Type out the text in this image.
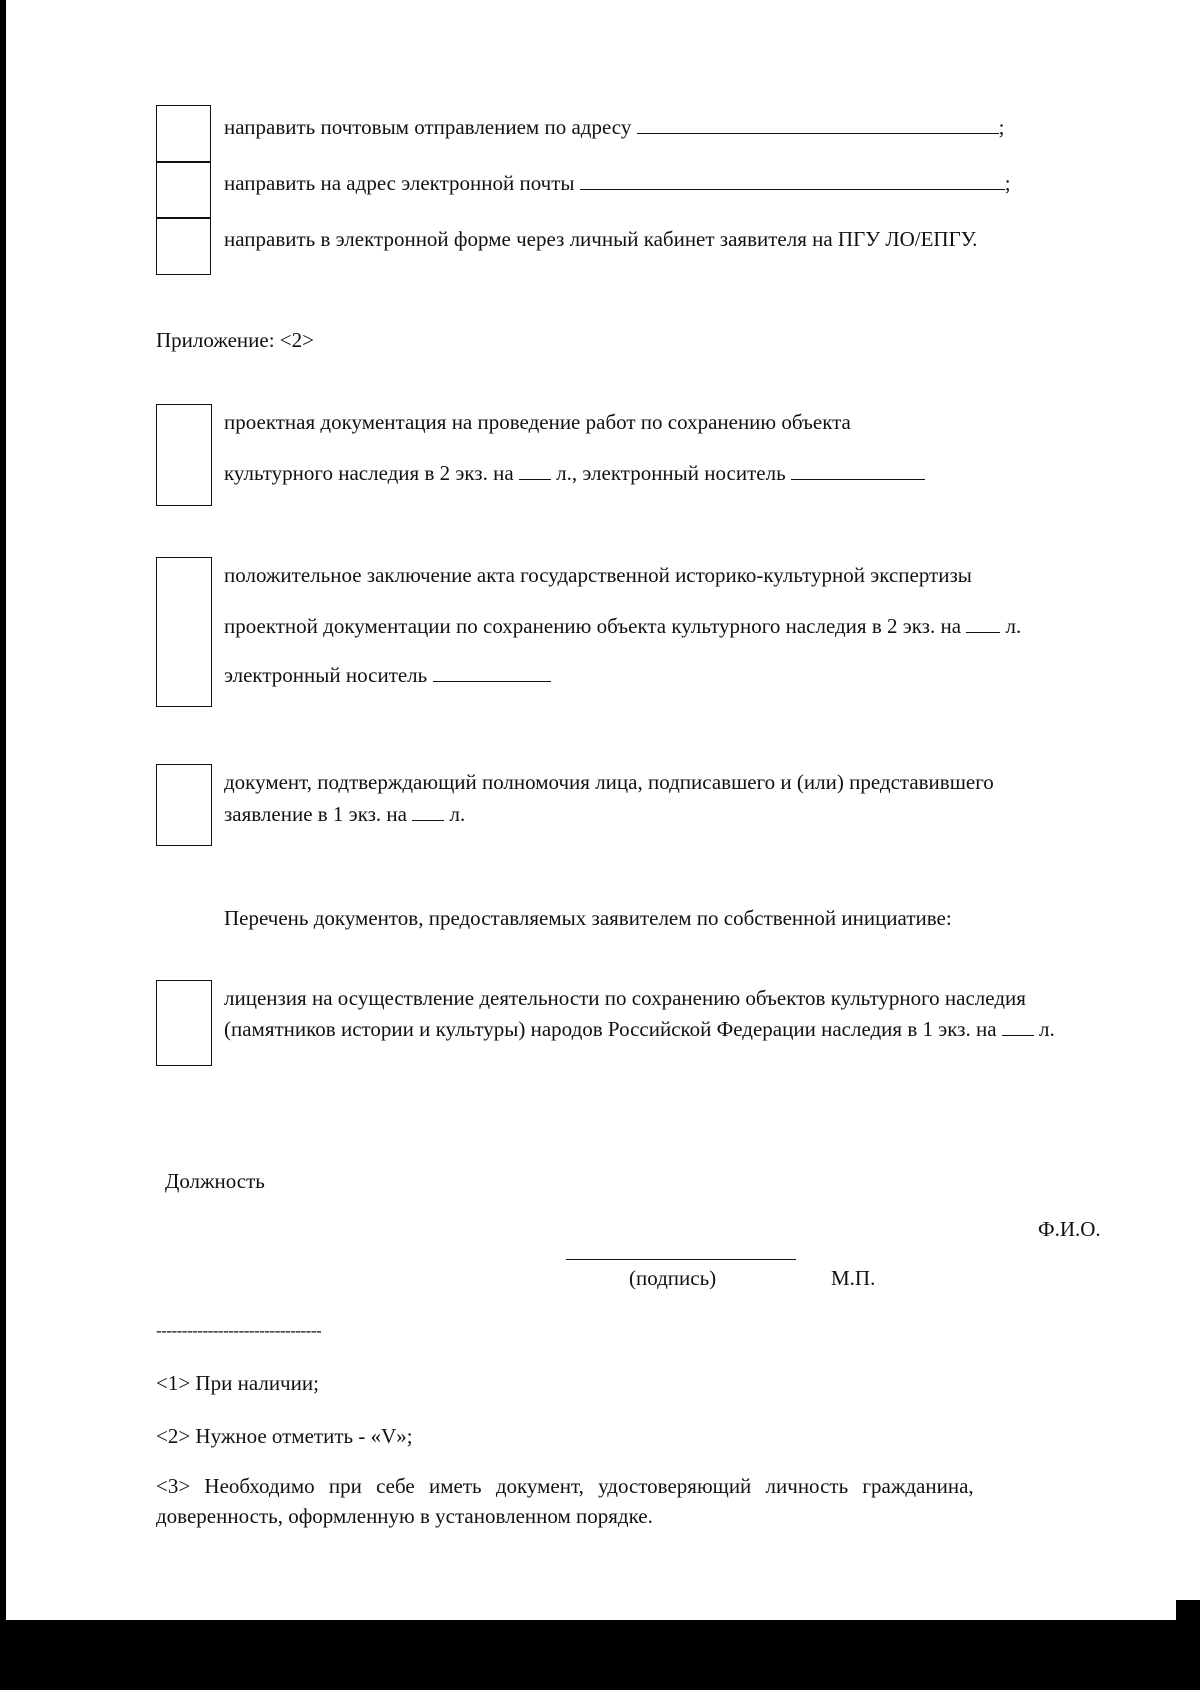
направить почтовым отправлением по адресу	;
направить на адрес электронной почты	;
направить в электронной форме через личный кабинет заявителя на ПГУ ЛО/ЕПГУ.
Приложение: <2>
проектная документация на проведение работ по сохранению объекта
культурного наследия в 2 экз. на л., электронный носитель
положительное заключение акта государственной историко-культурной экспертизы
проектной документации по сохранению объекта культурного наследия в 2 экз. на л.
электронный носитель
документ, подтверждающий полномочия лица, подписавшего и (или) представившего
заявление в 1 экз. на л.
Перечень документов, предоставляемых заявителем по собственной инициативе:
лицензия на осуществление деятельности по сохранению объектов культурного наследия
(памятников истории и культуры) народов Российской Федерации наследия в 1 экз. на л.
Должность
Ф.И.О.
(подпись)	М.П.
--------------------------------
<1> При наличии;
<2> Нужное отметить - «V»;
<3> Необходимо при себе иметь документ, удостоверяющий личность гражданина,
доверенность, оформленную в установленном порядке.
